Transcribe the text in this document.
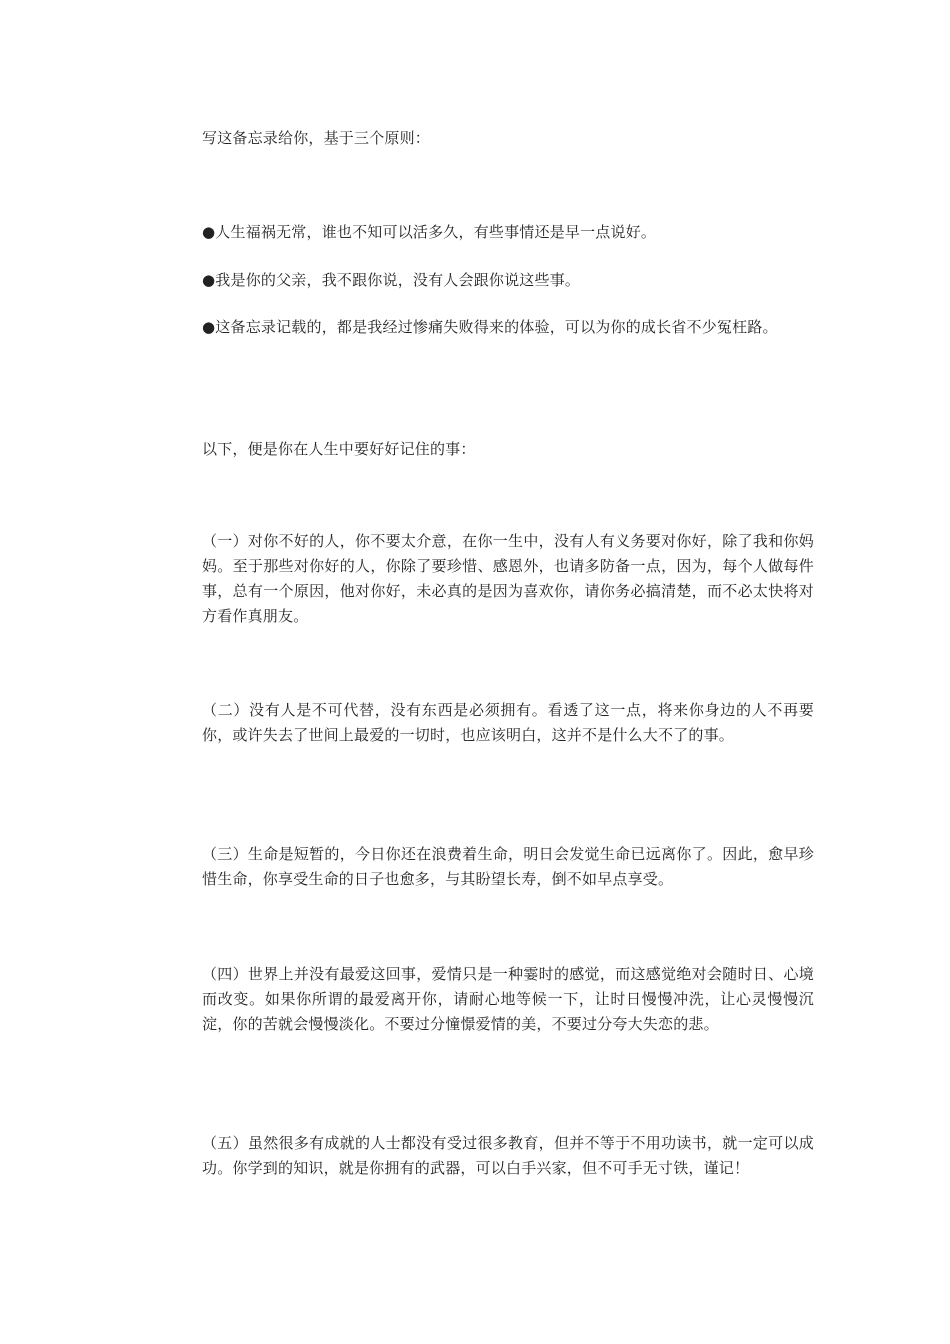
写这备忘录给你，基于三个原则：

●人生福祸无常，谁也不知可以活多久，有些事情还是早一点说好。

●我是你的父亲，我不跟你说，没有人会跟你说这些事。

●这备忘录记载的，都是我经过惨痛失败得来的体验，可以为你的成长省不少冤枉路。

以下，便是你在人生中要好好记住的事：

（一）对你不好的人，你不要太介意，在你一生中，没有人有义务要对你好，除了我和你妈妈。至于那些对你好的人，你除了要珍惜、感恩外，也请多防备一点，因为，每个人做每件事，总有一个原因，他对你好，未必真的是因为喜欢你，请你务必搞清楚，而不必太快将对方看作真朋友。

（二）没有人是不可代替，没有东西是必须拥有。看透了这一点，将来你身边的人不再要你，或许失去了世间上最爱的一切时，也应该明白，这并不是什么大不了的事。

（三）生命是短暂的，今日你还在浪费着生命，明日会发觉生命已远离你了。因此，愈早珍惜生命，你享受生命的日子也愈多，与其盼望长寿，倒不如早点享受。

（四）世界上并没有最爱这回事，爱情只是一种霎时的感觉，而这感觉绝对会随时日、心境而改变。如果你所谓的最爱离开你，请耐心地等候一下，让时日慢慢冲洗，让心灵慢慢沉淀，你的苦就会慢慢淡化。不要过分憧憬爱情的美，不要过分夸大失恋的悲。

（五）虽然很多有成就的人士都没有受过很多教育，但并不等于不用功读书，就一定可以成功。你学到的知识，就是你拥有的武器，可以白手兴家，但不可手无寸铁，谨记！
